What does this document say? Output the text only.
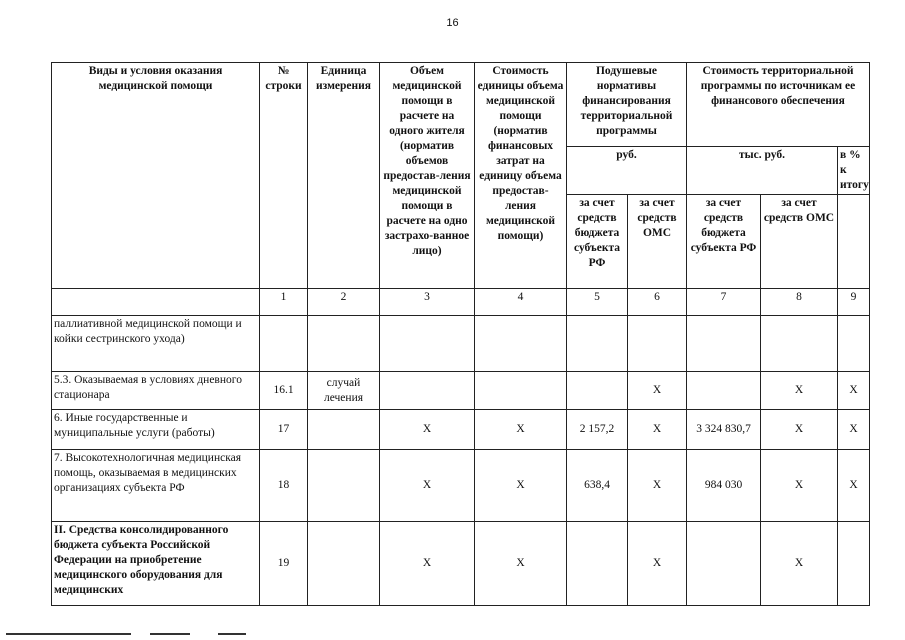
16
Виды и условия оказания медицинской помощи	№ строки	Единица измерения	Объем медицинской помощи в расчете на одного жителя (норматив объемов предостав-ления медицинской помощи в расчете на одно застрахо-ванное лицо)	Стоимость единицы объема медицинской помощи (норматив финансовых затрат на единицу объема предостав-ления медицинской помощи)	Подушевые нормативы финансирования территориальной программы		Стоимость территориальной программы по источникам ее финансового обеспечения		
					руб.		тыс. руб.		в % к итогу
					за счет средств бюджета субъекта РФ	за счет средств ОМС	за счет средств бюджета субъекта РФ	за счет средств ОМС	
	1	2	3	4	5	6	7	8	9
паллиативной медицинской помощи и койки сестринского ухода)									
5.3. Оказываемая в условиях дневного стационара	16.1	случай лечения				Х		Х	Х
6. Иные государственные и муниципальные услуги (работы)	17		Х	Х	2 157,2	Х	3 324 830,7	Х	Х
7. Высокотехнологичная медицинская помощь, оказываемая в медицинских организациях субъекта РФ	18		Х	Х	638,4	Х	984 030	Х	Х
II. Средства консолидированного бюджета субъекта Российской Федерации на приобретение медицинского оборудования для медицинских	19		Х	Х		Х		Х	
